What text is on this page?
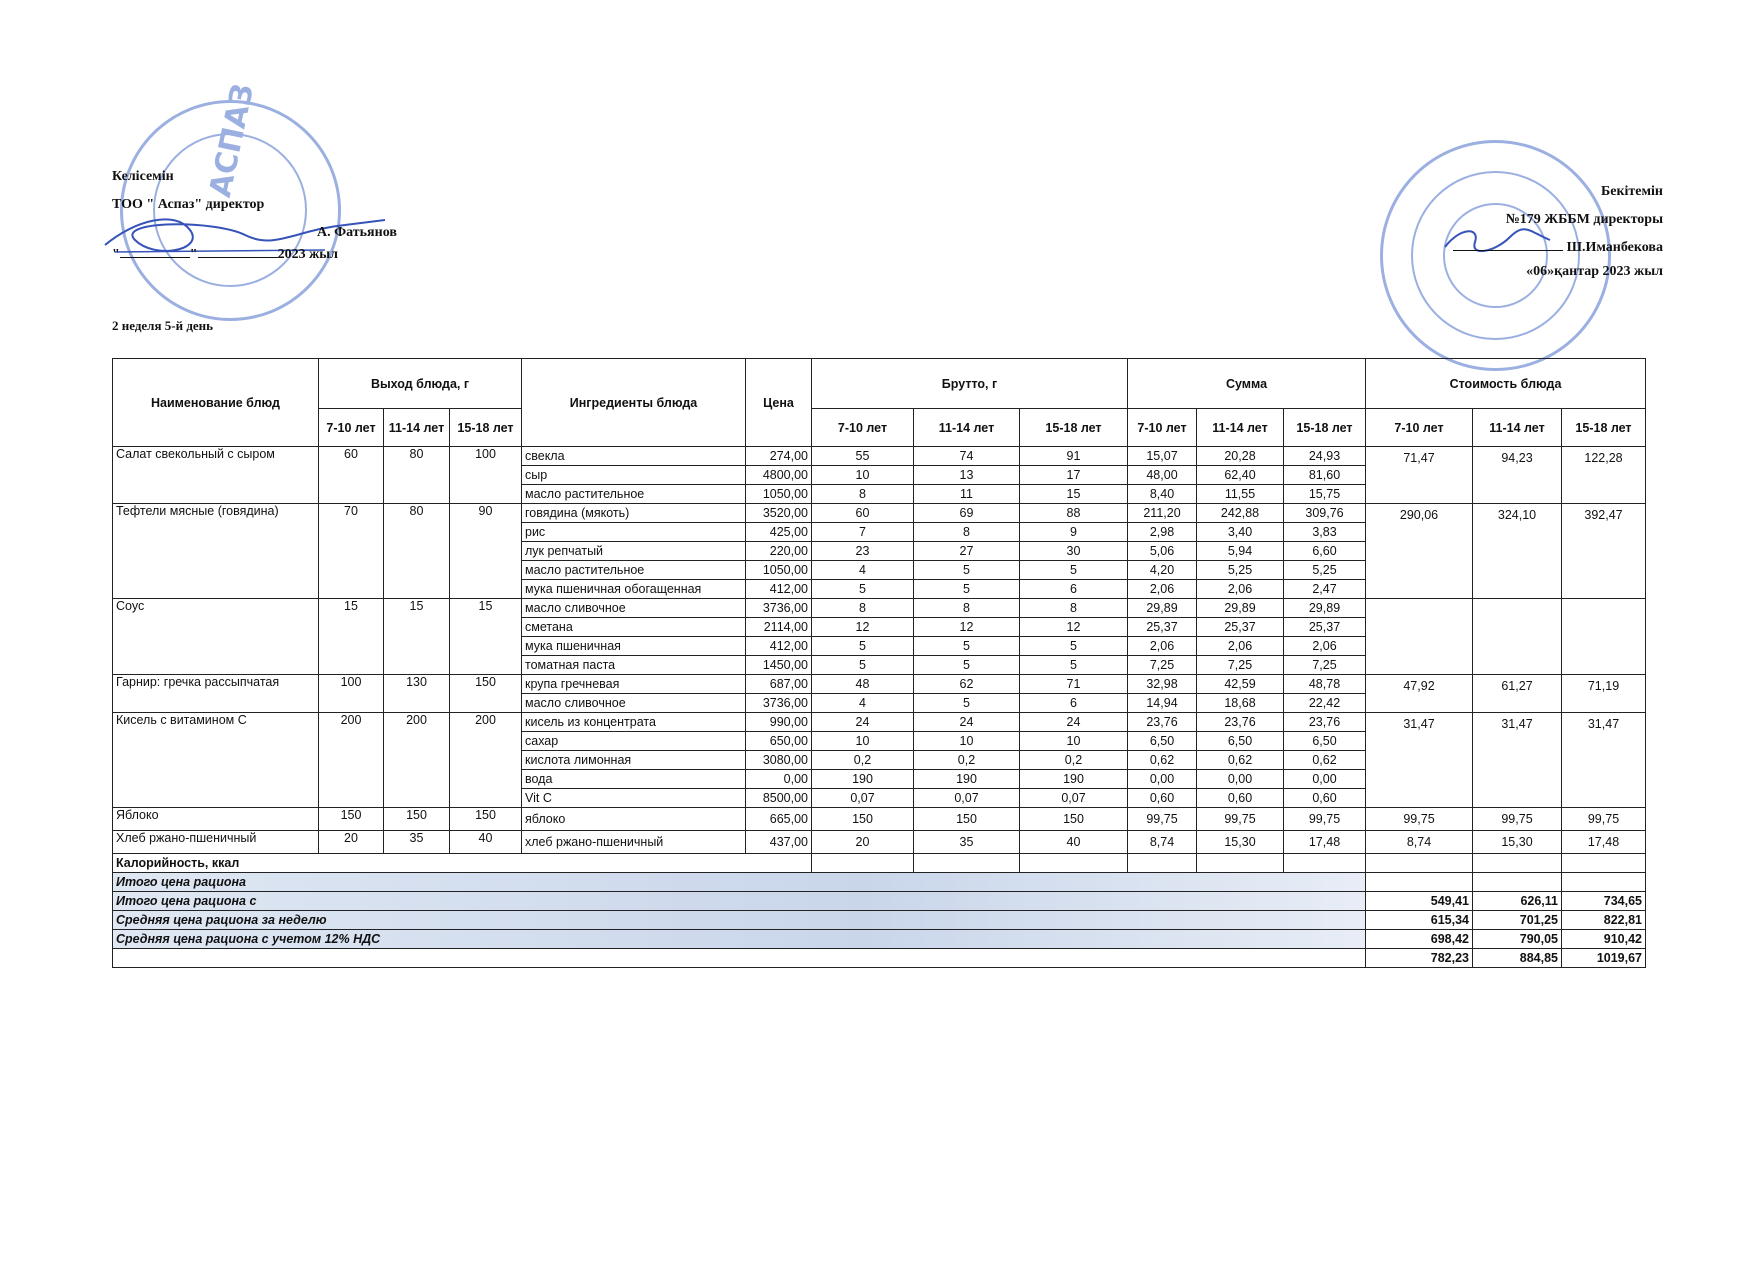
АСПАЗ
Келісемін
ТОО " Аспаз" директор
А. Фатьянов
"	"	2023 жыл
Бекітемін
№179 ЖББМ директоры
Ш.Иманбекова
«06»қантар 2023 жыл
2 неделя 5-й день
Наименование блюд	Выход блюда, г			Ингредиенты блюда	Цена	Брутто, г			Сумма			Стоимость блюда		
	7-10 лет	11-14 лет	15-18 лет			7-10 лет	11-14 лет	15-18 лет	7-10 лет	11-14 лет	15-18 лет	7-10 лет	11-14 лет	15-18 лет
Салат свекольный с сыром	60	80	100	свекла	274,00	55	74	91	15,07	20,28	24,93	71,47	94,23	122,28
				сыр	4800,00	10	13	17	48,00	62,40	81,60			
				масло растительное	1050,00	8	11	15	8,40	11,55	15,75			
Тефтели мясные (говядина)	70	80	90	говядина (мякоть)	3520,00	60	69	88	211,20	242,88	309,76	290,06	324,10	392,47
				рис	425,00	7	8	9	2,98	3,40	3,83			
				лук репчатый	220,00	23	27	30	5,06	5,94	6,60			
				масло растительное	1050,00	4	5	5	4,20	5,25	5,25			
				мука пшеничная обогащенная	412,00	5	5	6	2,06	2,06	2,47			
Соус	15	15	15	масло сливочное	3736,00	8	8	8	29,89	29,89	29,89			
				сметана	2114,00	12	12	12	25,37	25,37	25,37			
				мука пшеничная	412,00	5	5	5	2,06	2,06	2,06			
				томатная паста	1450,00	5	5	5	7,25	7,25	7,25			
Гарнир: гречка рассыпчатая	100	130	150	крупа гречневая	687,00	48	62	71	32,98	42,59	48,78	47,92	61,27	71,19
				масло сливочное	3736,00	4	5	6	14,94	18,68	22,42			
Кисель с витамином С	200	200	200	кисель из концентрата	990,00	24	24	24	23,76	23,76	23,76	31,47	31,47	31,47
				сахар	650,00	10	10	10	6,50	6,50	6,50			
				кислота лимонная	3080,00	0,2	0,2	0,2	0,62	0,62	0,62			
				вода	0,00	190	190	190	0,00	0,00	0,00			
				Vit C	8500,00	0,07	0,07	0,07	0,60	0,60	0,60			
Яблоко	150	150	150	яблоко	665,00	150	150	150	99,75	99,75	99,75	99,75	99,75	99,75
Хлеб ржано-пшеничный	20	35	40	хлеб ржано-пшеничный	437,00	20	35	40	8,74	15,30	17,48	8,74	15,30	17,48
Калорийность, ккал														
Итого цена рациона														
Итого цена рациона с												549,41	626,11	734,65
Средняя цена рациона за неделю												615,34	701,25	822,81
Средняя цена рациона с учетом 12% НДС												698,42	790,05	910,42
												782,23	884,85	1019,67
